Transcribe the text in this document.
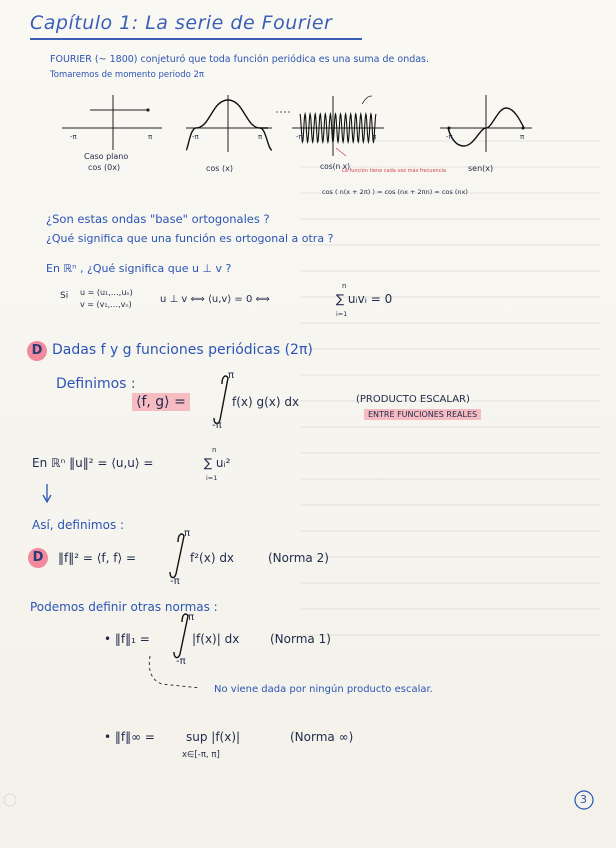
Capítulo 1: La serie de Fourier
FOURIER (~ 1800) conjeturó que toda función periódica es una suma de ondas.
Tomaremos de momento periodo 2π
-π	π
Caso plano
cos (0x)
-π	π
cos (x)
-π	π
cos(n x)
La función tiene cada vez más frecuencia
cos ( n(x + 2π) ) = cos (nx + 2πn) = cos (nx)
-π	π
sen(x)
¿Son estas ondas "base" ortogonales ?
¿Qué significa que una función es ortogonal a otra ?
En ℝⁿ , ¿Qué significa que u ⊥ v ?
Si u = (u₁,…,uₙ)
v = (v₁,…,vₙ)	u ⊥ v ⟺ ⟨u,v⟩ = 0 ⟺
n
∑ uᵢvᵢ = 0
i=1
D Dadas f y g funciones periódicas (2π)
Definimos :
⟨f, g⟩ =
π
f(x) g(x) dx
-π
(PRODUCTO ESCALAR)
ENTRE FUNCIONES REALES
En ℝⁿ ‖u‖² = ⟨u,u⟩ =
n
∑ uᵢ²
i=1
Así, definimos :
D	‖f‖² = ⟨f, f⟩ =
π
f²(x) dx
-π
(Norma 2)
Podemos definir otras normas :
• ‖f‖₁ =
π
|f(x)| dx
-π
(Norma 1)
No viene dada por ningún producto escalar.
• ‖f‖∞ =	sup |f(x)|
x∈[-π, π]
(Norma ∞)
3
